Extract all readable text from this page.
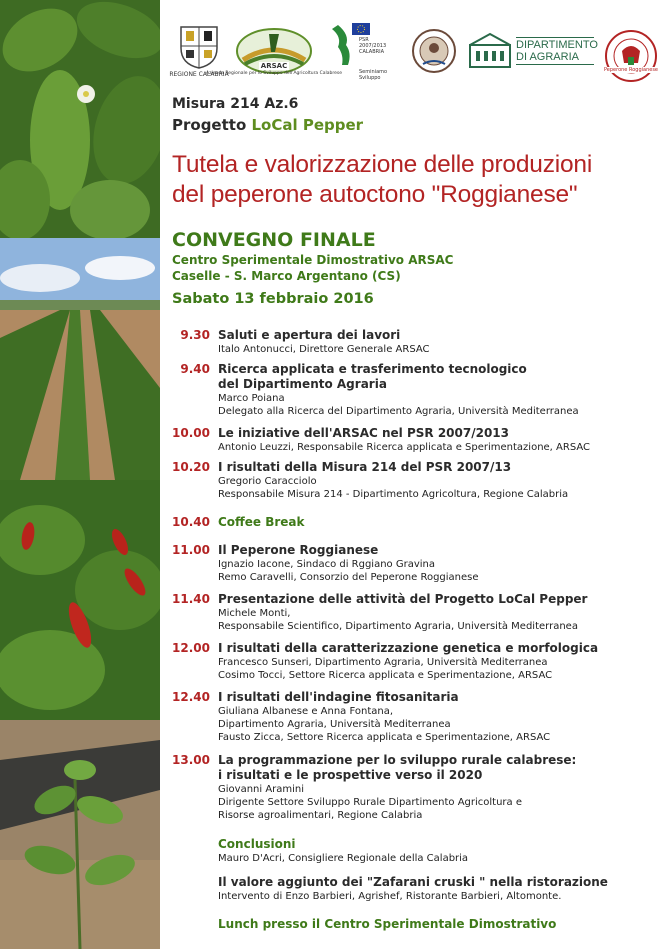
REGIONE CALABRIA
ARSAC
Azienda Regionale per lo Sviluppo dell'Agricoltura Calabrese
PSR 2007/2013 CALABRIA
Seminiamo Sviluppo
DIPARTIMENTO DI AGRARIA
Peperone Roggianese
Misura 214 Az.6
Progetto LoCal Pepper
Tutela e valorizzazione delle produzioni
del peperone autoctono "Roggianese"
CONVEGNO FINALE
Centro Sperimentale Dimostrativo ARSAC
Caselle - S. Marco Argentano (CS)
Sabato 13 febbraio 2016
9.30 Saluti e apertura dei lavori
Italo Antonucci, Direttore Generale ARSAC
9.40 Ricerca applicata e trasferimento tecnologico
del Dipartimento Agraria
Marco Poiana
Delegato alla Ricerca del Dipartimento Agraria, Università Mediterranea
10.00 Le iniziative dell'ARSAC nel PSR 2007/2013
Antonio Leuzzi, Responsabile Ricerca applicata e Sperimentazione, ARSAC
10.20 I risultati della Misura 214 del PSR 2007/13
Gregorio Caracciolo
Responsabile Misura 214 - Dipartimento Agricoltura, Regione Calabria
10.40 Coffee Break
11.00 Il Peperone Roggianese
Ignazio Iacone, Sindaco di Rggiano Gravina
Remo Caravelli, Consorzio del Peperone Roggianese
11.40 Presentazione delle attività del Progetto LoCal Pepper
Michele Monti,
Responsabile Scientifico, Dipartimento Agraria, Università Mediterranea
12.00 I risultati della caratterizzazione genetica e morfologica
Francesco Sunseri, Dipartimento Agraria, Università Mediterranea
Cosimo Tocci, Settore Ricerca applicata e Sperimentazione, ARSAC
12.40 I risultati dell'indagine fitosanitaria
Giuliana Albanese e Anna Fontana,
Dipartimento Agraria, Università Mediterranea
Fausto Zicca, Settore Ricerca applicata e Sperimentazione, ARSAC
13.00 La programmazione per lo sviluppo rurale calabrese:
i risultati e le prospettive verso il 2020
Giovanni Aramini
Dirigente Settore Sviluppo Rurale Dipartimento Agricoltura e
Risorse agroalimentari, Regione Calabria
Conclusioni
Mauro D'Acri, Consigliere Regionale della Calabria
Il valore aggiunto dei "Zafarani cruski " nella ristorazione
Intervento di Enzo Barbieri, Agrishef, Ristorante Barbieri, Altomonte.
Lunch presso il Centro Sperimentale Dimostrativo
